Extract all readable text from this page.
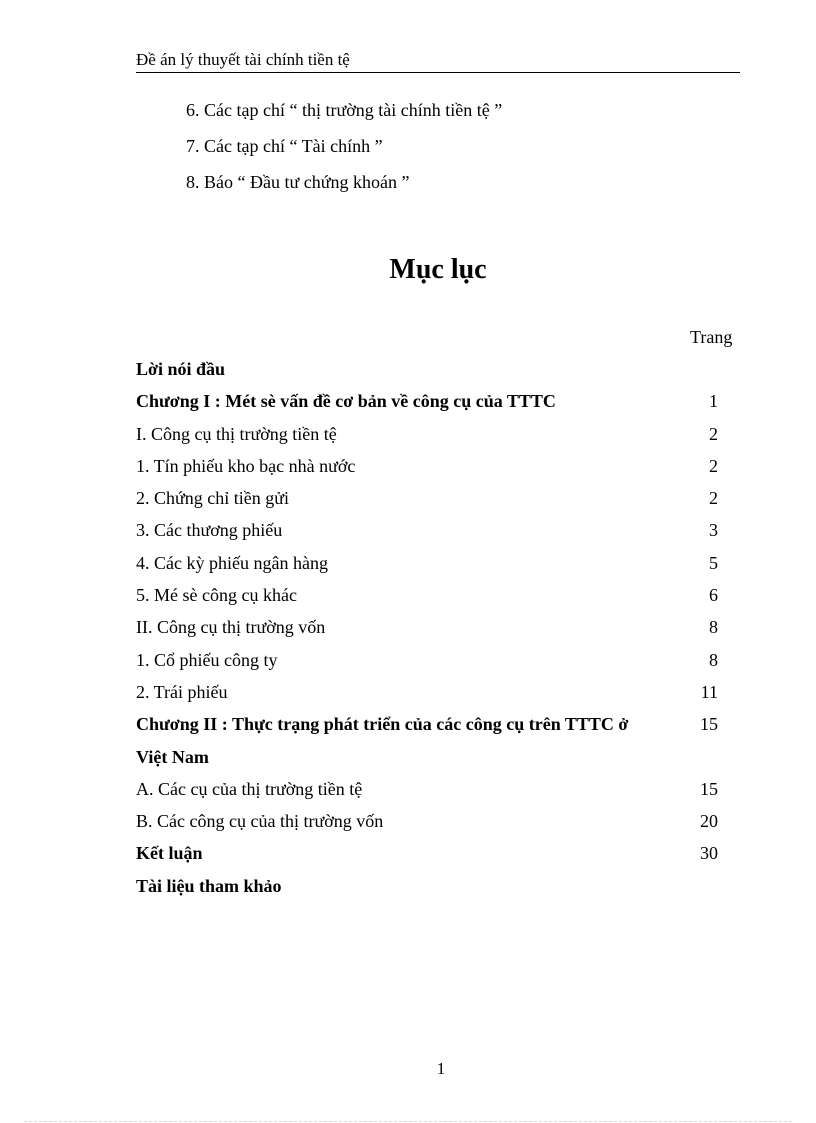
Đề án lý thuyết tài chính tiền tệ
6. Các tạp chí “ thị trường tài chính tiền tệ ”
7. Các tạp chí “ Tài chính ”
8. Báo “ Đầu tư chứng khoán ”
Mục lục
Trang
Lời nói đầu
Chương I : Mét sè vấn đề cơ bản về công cụ của TTTC	1
I. Công cụ thị trường tiền tệ	2
1. Tín phiếu kho bạc nhà nước	2
2. Chứng chỉ tiền gửi	2
3. Các thương phiếu	3
4. Các kỳ phiếu ngân hàng	5
5. Mé sè công cụ khác	6
II. Công cụ thị trường vốn	8
1. Cổ phiếu công ty	8
2. Trái phiếu	11
Chương II : Thực trạng phát triển của các công cụ trên TTTC ở	15
Việt Nam
A. Các cụ của thị trường tiền tệ	15
B. Các công cụ của thị trường vốn	20
Kết luận	30
Tài liệu tham khảo
1
